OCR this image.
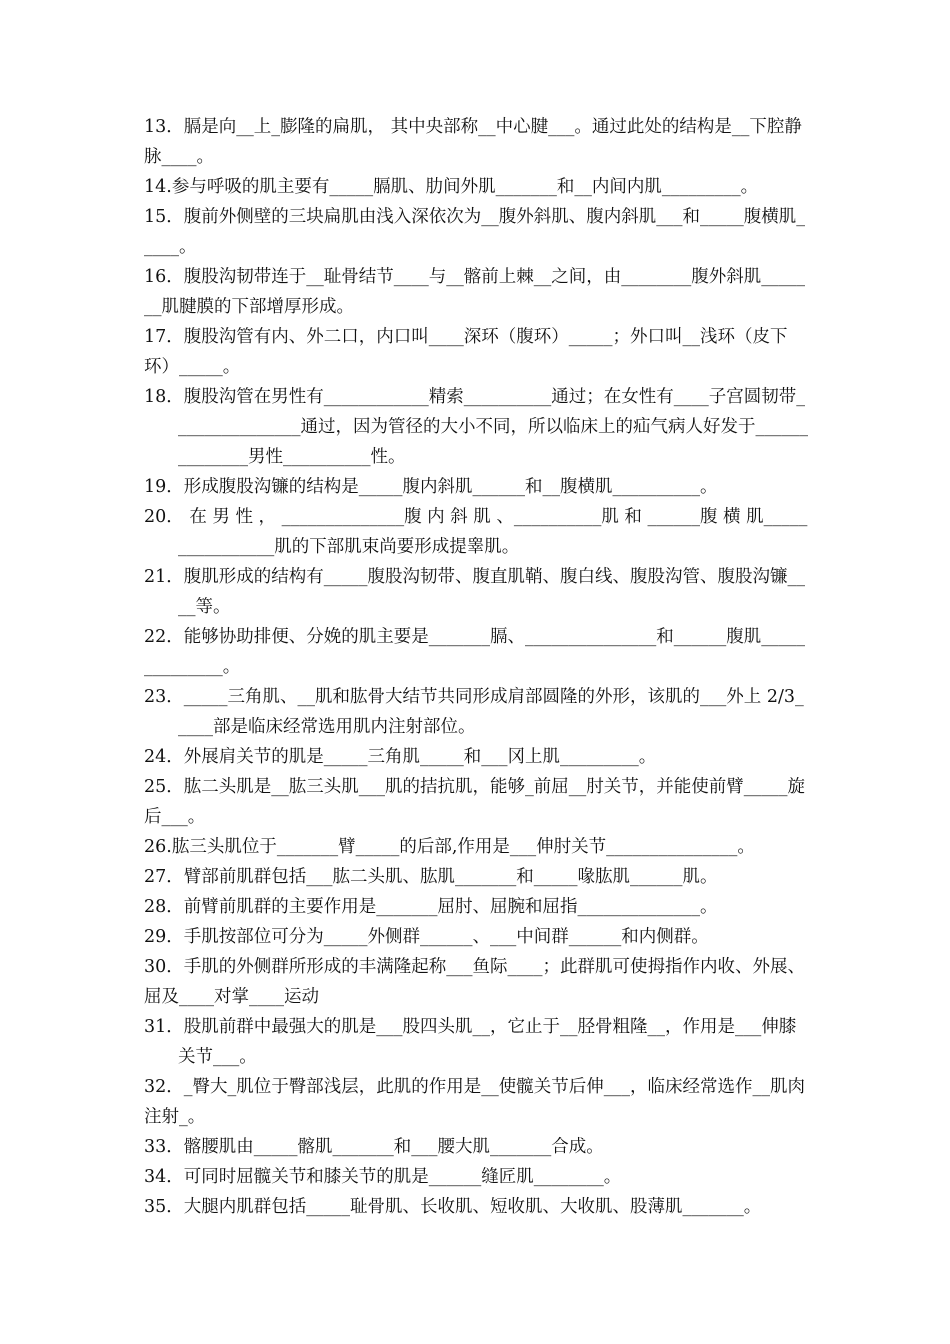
13．膈是向__上_膨隆的扁肌， 其中央部称__中心腱___。通过此处的结构是__下腔静脉____。

14.参与呼吸的肌主要有_____膈肌、肋间外肌_______和__内间内肌_________。

15．腹前外侧壁的三块扁肌由浅入深依次为__腹外斜肌、腹内斜肌___和_____腹横肌_____。

16．腹股沟韧带连于__耻骨结节____与__髂前上棘__之间，由________腹外斜肌_______肌腱膜的下部增厚形成。

17．腹股沟管有内、外二口，内口叫____深环（腹环）_____；外口叫__浅环（皮下环）_____。

18．腹股沟管在男性有____________精索__________通过；在女性有____子宫圆韧带_______________通过，因为管径的大小不同，所以临床上的疝气病人好发于______________男性__________性。

19．形成腹股沟镰的结构是_____腹内斜肌______和__腹横肌__________。

20． 在 男 性 ， ______________腹 内 斜 肌 、__________肌 和 ______腹 横 肌________________肌的下部肌束尚要形成提睾肌。

21．腹肌形成的结构有_____腹股沟韧带、腹直肌鞘、腹白线、腹股沟管、腹股沟镰____等。

22．能够协助排便、分娩的肌主要是_______膈、_______________和______腹肌______________。

23．_____三角肌、__肌和肱骨大结节共同形成肩部圆隆的外形，该肌的___外上 2/3_____部是临床经常选用肌内注射部位。

24．外展肩关节的肌是_____三角肌_____和___冈上肌_________。

25．肱二头肌是__肱三头肌___肌的拮抗肌，能够_前屈__肘关节，并能使前臂_____旋后___。

26.肱三头肌位于_______臂_____的后部,作用是___伸肘关节_______________。

27．臂部前肌群包括___肱二头肌、肱肌_______和_____喙肱肌______肌。

28．前臂前肌群的主要作用是_______屈肘、屈腕和屈指______________。

29．手肌按部位可分为_____外侧群______、___中间群______和内侧群。

30．手肌的外侧群所形成的丰满隆起称___鱼际____；此群肌可使拇指作内收、外展、屈及____对掌____运动

31．股肌前群中最强大的肌是___股四头肌__，它止于__胫骨粗隆__，作用是___伸膝关节___。

32．_臀大_肌位于臀部浅层，此肌的作用是__使髋关节后伸___，临床经常选作__肌肉注射_。

33．髂腰肌由_____髂肌_______和___腰大肌_______合成。

34．可同时屈髋关节和膝关节的肌是______缝匠肌________。

35．大腿内肌群包括_____耻骨肌、长收肌、短收肌、大收肌、股薄肌_______。
